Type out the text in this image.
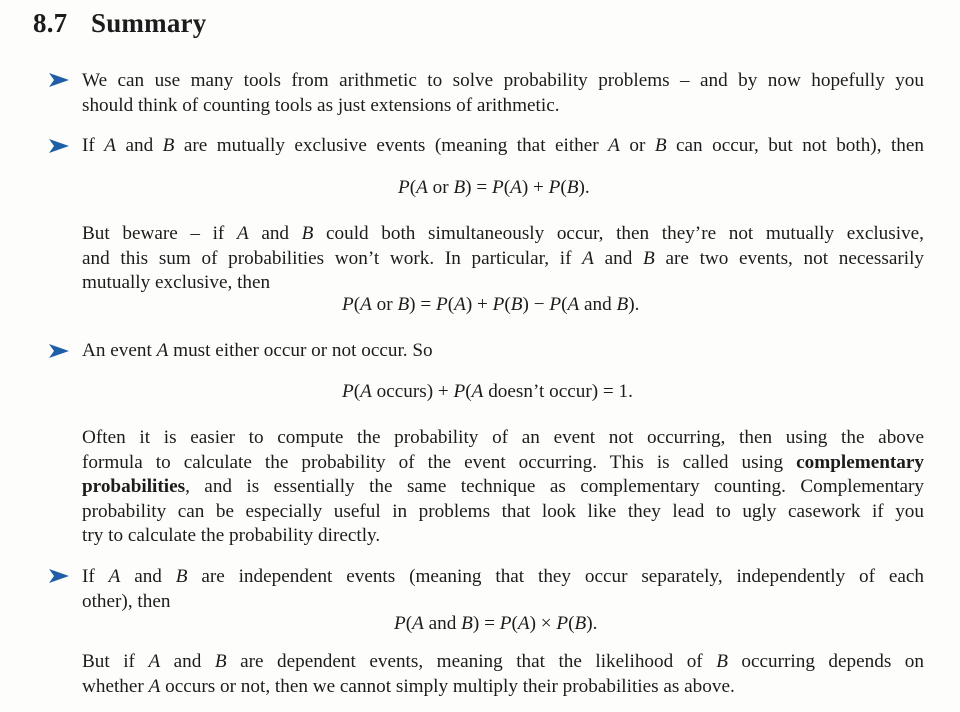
8.7 Summary
We can use many tools from arithmetic to solve probability problems – and by now hopefully you
should think of counting tools as just extensions of arithmetic.
If A and B are mutually exclusive events (meaning that either A or B can occur, but not both), then
P(A or B) = P(A) + P(B).
But beware – if A and B could both simultaneously occur, then they’re not mutually exclusive,
and this sum of probabilities won’t work. In particular, if A and B are two events, not necessarily
mutually exclusive, then
P(A or B) = P(A) + P(B) − P(A and B).
An event A must either occur or not occur. So
P(A occurs) + P(A doesn’t occur) = 1.
Often it is easier to compute the probability of an event not occurring, then using the above
formula to calculate the probability of the event occurring. This is called using complementary
probabilities, and is essentially the same technique as complementary counting. Complementary
probability can be especially useful in problems that look like they lead to ugly casework if you
try to calculate the probability directly.
If A and B are independent events (meaning that they occur separately, independently of each
other), then
P(A and B) = P(A) × P(B).
But if A and B are dependent events, meaning that the likelihood of B occurring depends on
whether A occurs or not, then we cannot simply multiply their probabilities as above.
